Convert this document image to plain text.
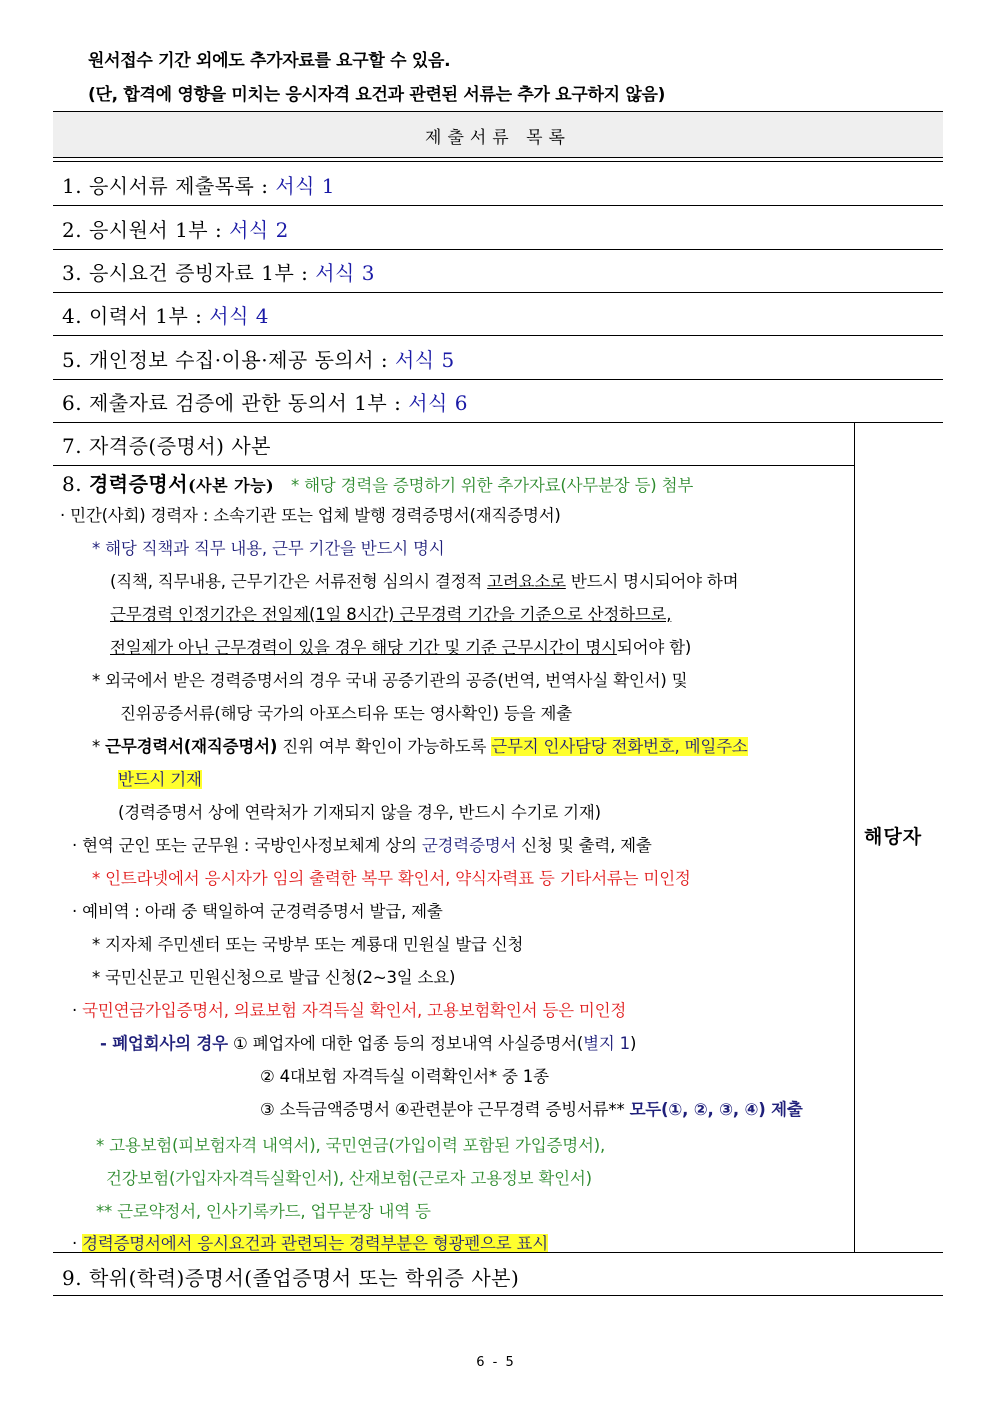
원서접수 기간 외에도 추가자료를 요구할 수 있음.
(단, 합격에 영향을 미치는 응시자격 요건과 관련된 서류는 추가 요구하지 않음)
제출서류 목록
1. 응시서류 제출목록 : 서식 1
2. 응시원서 1부 : 서식 2
3. 응시요건 증빙자료 1부 : 서식 3
4. 이력서 1부 : 서식 4
5. 개인정보 수집·이용·제공 동의서 : 서식 5
6. 제출자료 검증에 관한 동의서 1부 : 서식 6
해당자
7. 자격증(증명서) 사본
8. 경력증명서(사본 가능) * 해당 경력을 증명하기 위한 추가자료(사무분장 등) 첨부
· 민간(사회) 경력자 : 소속기관 또는 업체 발행 경력증명서(재직증명서)
* 해당 직책과 직무 내용, 근무 기간을 반드시 명시
(직책, 직무내용, 근무기간은 서류전형 심의시 결정적 고려요소로 반드시 명시되어야 하며
근무경력 인정기간은 전일제(1일 8시간) 근무경력 기간을 기준으로 산정하므로,
전일제가 아닌 근무경력이 있을 경우 해당 기간 및 기준 근무시간이 명시되어야 함)
* 외국에서 받은 경력증명서의 경우 국내 공증기관의 공증(번역, 번역사실 확인서) 및
진위공증서류(해당 국가의 아포스티유 또는 영사확인) 등을 제출
* 근무경력서(재직증명서) 진위 여부 확인이 가능하도록 근무지 인사담당 전화번호, 메일주소
반드시 기재
(경력증명서 상에 연락처가 기재되지 않을 경우, 반드시 수기로 기재)
· 현역 군인 또는 군무원 : 국방인사정보체계 상의 군경력증명서 신청 및 출력, 제출
* 인트라넷에서 응시자가 임의 출력한 복무 확인서, 약식자력표 등 기타서류는 미인정
· 예비역 : 아래 중 택일하여 군경력증명서 발급, 제출
* 지자체 주민센터 또는 국방부 또는 계룡대 민원실 발급 신청
* 국민신문고 민원신청으로 발급 신청(2~3일 소요)
· 국민연금가입증명서, 의료보험 자격득실 확인서, 고용보험확인서 등은 미인정
- 폐업회사의 경우 ① 폐업자에 대한 업종 등의 정보내역 사실증명서(별지 1)
② 4대보험 자격득실 이력확인서* 중 1종
③ 소득금액증명서 ④관련분야 근무경력 증빙서류** 모두(①, ②, ③, ④) 제출
* 고용보험(피보험자격 내역서), 국민연금(가입이력 포함된 가입증명서),
건강보험(가입자자격득실확인서), 산재보험(근로자 고용정보 확인서)
** 근로약정서, 인사기록카드, 업무분장 내역 등
· 경력증명서에서 응시요건과 관련되는 경력부분은 형광펜으로 표시
9. 학위(학력)증명서(졸업증명서 또는 학위증 사본)
6 - 5
